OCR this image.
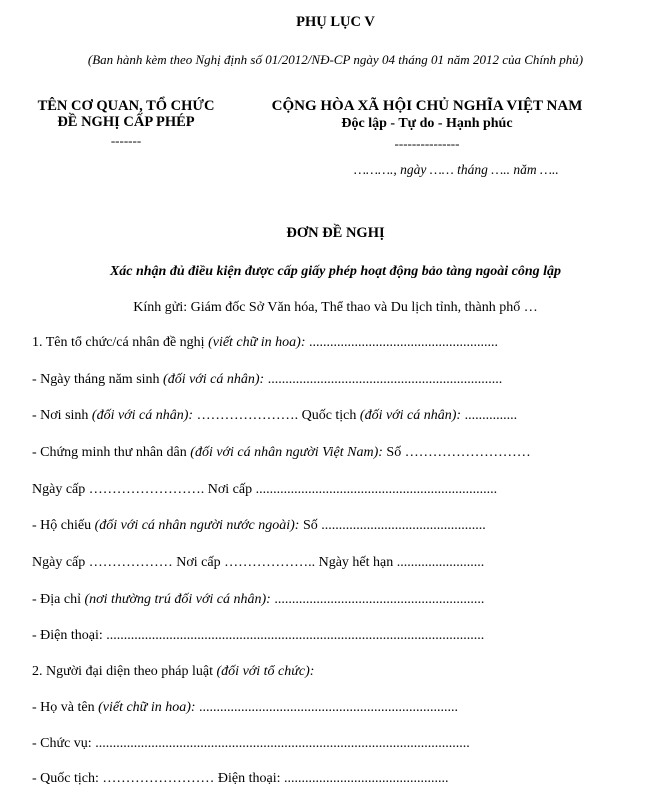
PHỤ LỤC V
(Ban hành kèm theo Nghị định số 01/2012/NĐ-CP ngày 04 tháng 01 năm 2012 của Chính phủ)
TÊN CƠ QUAN, TỔ CHỨC
ĐỀ NGHỊ CẤP PHÉP
-------
CỘNG HÒA XÃ HỘI CHỦ NGHĨA VIỆT NAM
Độc lập - Tự do - Hạnh phúc
---------------
………., ngày …… tháng ….. năm …..
ĐƠN ĐỀ NGHỊ
Xác nhận đủ điều kiện được cấp giấy phép hoạt động bảo tàng ngoài công lập
Kính gửi: Giám đốc Sở Văn hóa, Thể thao và Du lịch tỉnh, thành phố …
1. Tên tổ chức/cá nhân đề nghị (viết chữ in hoa): ......................................................
- Ngày tháng năm sinh (đối với cá nhân): ...................................................................
- Nơi sinh (đối với cá nhân): …………………. Quốc tịch (đối với cá nhân): ...............
- Chứng minh thư nhân dân (đối với cá nhân người Việt Nam): Số ………………………
Ngày cấp ……………………. Nơi cấp .....................................................................
- Hộ chiếu (đối với cá nhân người nước ngoài): Số ...............................................
Ngày cấp ……………… Nơi cấp ……………….. Ngày hết hạn .........................
- Địa chỉ (nơi thường trú đối với cá nhân): ............................................................
- Điện thoại: ............................................................................................................
2. Người đại diện theo pháp luật (đối với tổ chức):
- Họ và tên (viết chữ in hoa): ..........................................................................
- Chức vụ: ...........................................................................................................
- Quốc tịch: …………………… Điện thoại: ...............................................
